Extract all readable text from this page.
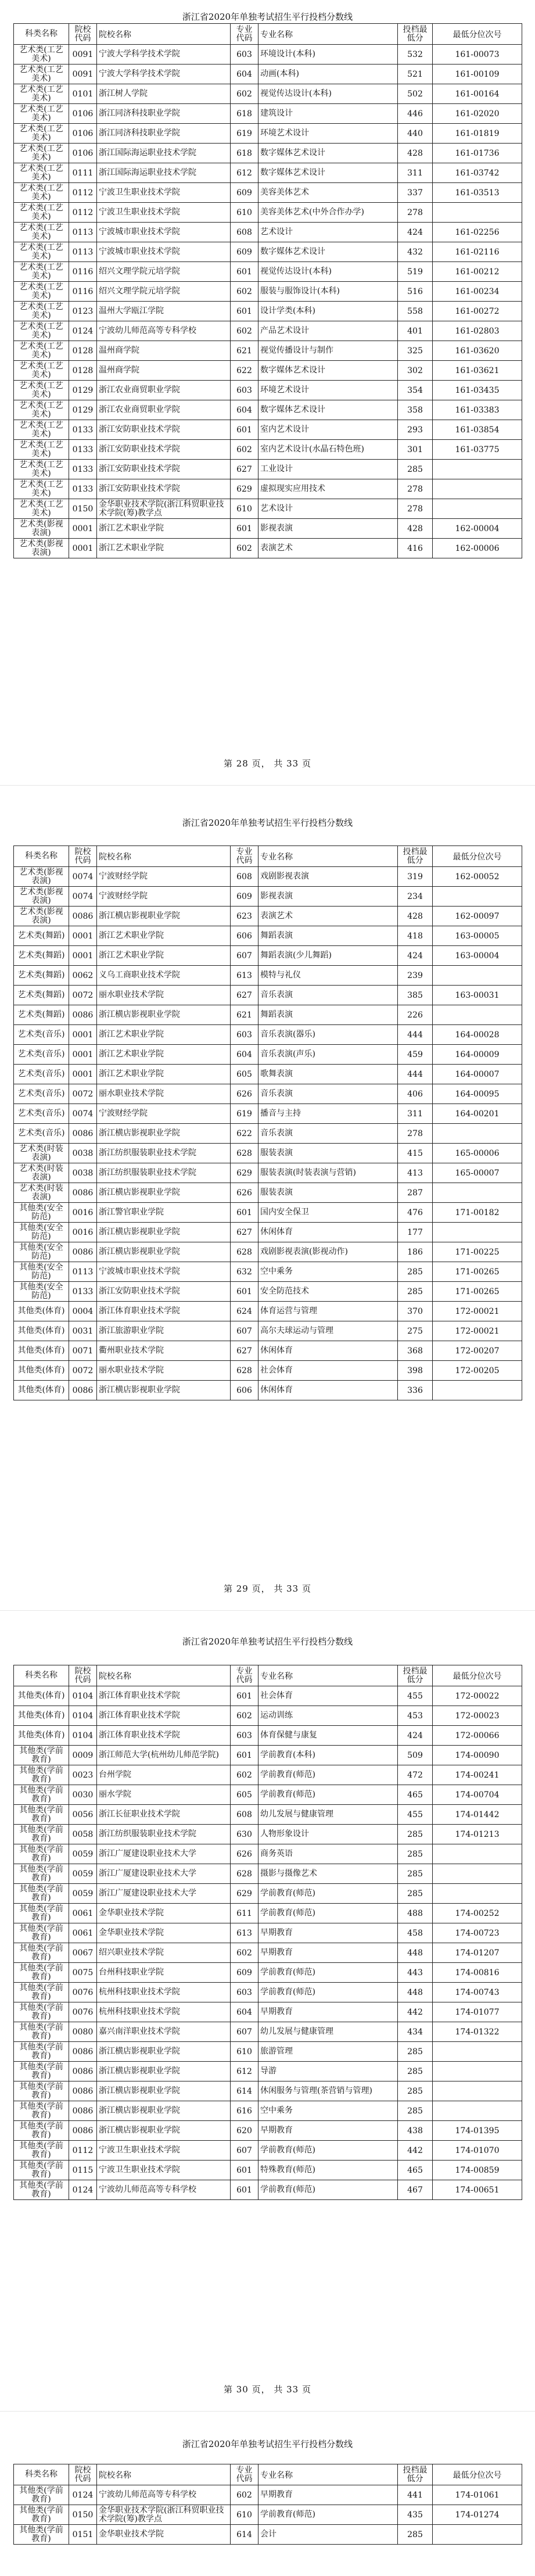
浙江省2020年单独考试招生平行投档分数线
科类名称	院校代码	院校名称	专业代码	专业名称	投档最低分	最低分位次号
艺术类(工艺美术)	0091	宁波大学科学技术学院	603	环境设计(本科)	532	161-00073
艺术类(工艺美术)	0091	宁波大学科学技术学院	604	动画(本科)	521	161-00109
艺术类(工艺美术)	0101	浙江树人学院	602	视觉传达设计(本科)	502	161-00164
艺术类(工艺美术)	0106	浙江同济科技职业学院	618	建筑设计	446	161-02020
艺术类(工艺美术)	0106	浙江同济科技职业学院	619	环境艺术设计	440	161-01819
艺术类(工艺美术)	0106	浙江国际海运职业技术学院	618	数字媒体艺术设计	428	161-01736
艺术类(工艺美术)	0111	浙江国际海运职业技术学院	612	数字媒体艺术设计	311	161-03742
艺术类(工艺美术)	0112	宁波卫生职业技术学院	609	美容美体艺术	337	161-03513
艺术类(工艺美术)	0112	宁波卫生职业技术学院	610	美容美体艺术(中外合作办学)	278	
艺术类(工艺美术)	0113	宁波城市职业技术学院	608	艺术设计	424	161-02256
艺术类(工艺美术)	0113	宁波城市职业技术学院	609	数字媒体艺术设计	432	161-02116
艺术类(工艺美术)	0116	绍兴文理学院元培学院	601	视觉传达设计(本科)	519	161-00212
艺术类(工艺美术)	0116	绍兴文理学院元培学院	602	服装与服饰设计(本科)	516	161-00234
艺术类(工艺美术)	0123	温州大学瓯江学院	601	设计学类(本科)	558	161-00272
艺术类(工艺美术)	0124	宁波幼儿师范高等专科学校	602	产品艺术设计	401	161-02803
艺术类(工艺美术)	0128	温州商学院	621	视觉传播设计与制作	325	161-03620
艺术类(工艺美术)	0128	温州商学院	622	数字媒体艺术设计	302	161-03621
艺术类(工艺美术)	0129	浙江农业商贸职业学院	603	环境艺术设计	354	161-03435
艺术类(工艺美术)	0129	浙江农业商贸职业学院	604	数字媒体艺术设计	358	161-03383
艺术类(工艺美术)	0133	浙江安防职业技术学院	601	室内艺术设计	293	161-03854
艺术类(工艺美术)	0133	浙江安防职业技术学院	602	室内艺术设计(水晶石特色班)	301	161-03775
艺术类(工艺美术)	0133	浙江安防职业技术学院	627	工业设计	285	
艺术类(工艺美术)	0133	浙江安防职业技术学院	629	虚拟现实应用技术	278	
艺术类(工艺美术)	0150	金华职业技术学院(浙江科贸职业技术学院(筹)教学点	610	艺术设计	278	
艺术类(影视表演)	0001	浙江艺术职业学院	601	影视表演	428	162-00004
艺术类(影视表演)	0001	浙江艺术职业学院	602	表演艺术	416	162-00006
第 28 页， 共 33 页
浙江省2020年单独考试招生平行投档分数线
科类名称	院校代码	院校名称	专业代码	专业名称	投档最低分	最低分位次号
艺术类(影视表演)	0074	宁波财经学院	608	戏剧影视表演	319	162-00052
艺术类(影视表演)	0074	宁波财经学院	609	影视表演	234	
艺术类(影视表演)	0086	浙江横店影视职业学院	623	表演艺术	428	162-00097
艺术类(舞蹈)	0001	浙江艺术职业学院	606	舞蹈表演	418	163-00005
艺术类(舞蹈)	0001	浙江艺术职业学院	607	舞蹈表演(少儿舞蹈)	424	163-00004
艺术类(舞蹈)	0062	义乌工商职业技术学院	613	模特与礼仪	239	
艺术类(舞蹈)	0072	丽水职业技术学院	627	音乐表演	385	163-00031
艺术类(舞蹈)	0086	浙江横店影视职业学院	621	舞蹈表演	226	
艺术类(音乐)	0001	浙江艺术职业学院	603	音乐表演(器乐)	444	164-00028
艺术类(音乐)	0001	浙江艺术职业学院	604	音乐表演(声乐)	459	164-00009
艺术类(音乐)	0001	浙江艺术职业学院	605	歌舞表演	444	164-00007
艺术类(音乐)	0072	丽水职业技术学院	626	音乐表演	406	164-00095
艺术类(音乐)	0074	宁波财经学院	619	播音与主持	311	164-00201
艺术类(音乐)	0086	浙江横店影视职业学院	622	音乐表演	278	
艺术类(时装表演)	0038	浙江纺织服装职业技术学院	628	服装表演	415	165-00006
艺术类(时装表演)	0038	浙江纺织服装职业技术学院	629	服装表演(时装表演与营销)	413	165-00007
艺术类(时装表演)	0086	浙江横店影视职业学院	626	服装表演	287	
其他类(安全防范)	0016	浙江警官职业学院	601	国内安全保卫	476	171-00182
其他类(安全防范)	0016	浙江横店影视职业学院	627	休闲体育	177	
其他类(安全防范)	0086	浙江横店影视职业学院	628	戏剧影视表演(影视动作)	186	171-00225
其他类(安全防范)	0113	宁波城市职业技术学院	632	空中乘务	285	171-00265
其他类(安全防范)	0133	浙江安防职业技术学院	601	安全防范技术	285	171-00265
其他类(体育)	0004	浙江体育职业技术学院	624	体育运营与管理	370	172-00021
其他类(体育)	0031	浙江旅游职业学院	607	高尔夫球运动与管理	275	172-00021
其他类(体育)	0071	衢州职业技术学院	627	休闲体育	368	172-00207
其他类(体育)	0072	丽水职业技术学院	628	社会体育	398	172-00205
其他类(体育)	0086	浙江横店影视职业学院	606	休闲体育	336	
第 29 页， 共 33 页
浙江省2020年单独考试招生平行投档分数线
科类名称	院校代码	院校名称	专业代码	专业名称	投档最低分	最低分位次号
其他类(体育)	0104	浙江体育职业技术学院	601	社会体育	455	172-00022
其他类(体育)	0104	浙江体育职业技术学院	602	运动训练	453	172-00023
其他类(体育)	0104	浙江体育职业技术学院	603	体育保健与康复	424	172-00066
其他类(学前教育)	0009	浙江师范大学(杭州幼儿师范学院)	601	学前教育(本科)	509	174-00090
其他类(学前教育)	0023	台州学院	602	学前教育(师范)	472	174-00241
其他类(学前教育)	0030	丽水学院	605	学前教育(师范)	465	174-00704
其他类(学前教育)	0056	浙江长征职业技术学院	608	幼儿发展与健康管理	455	174-01442
其他类(学前教育)	0058	浙江纺织服装职业技术学院	630	人物形象设计	285	174-01213
其他类(学前教育)	0059	浙江广厦建设职业技术大学	626	商务英语	285	
其他类(学前教育)	0059	浙江广厦建设职业技术大学	628	摄影与摄像艺术	285	
其他类(学前教育)	0059	浙江广厦建设职业技术大学	629	学前教育(师范)	285	
其他类(学前教育)	0061	金华职业技术学院	611	学前教育(师范)	488	174-00252
其他类(学前教育)	0061	金华职业技术学院	613	早期教育	458	174-00723
其他类(学前教育)	0067	绍兴职业技术学院	602	早期教育	448	174-01207
其他类(学前教育)	0075	台州科技职业学院	609	学前教育(师范)	443	174-00816
其他类(学前教育)	0076	杭州科技职业技术学院	603	学前教育(师范)	448	174-00743
其他类(学前教育)	0076	杭州科技职业技术学院	604	早期教育	442	174-01077
其他类(学前教育)	0080	嘉兴南洋职业技术学院	607	幼儿发展与健康管理	434	174-01322
其他类(学前教育)	0086	浙江横店影视职业学院	610	旅游管理	285	
其他类(学前教育)	0086	浙江横店影视职业学院	612	导游	285	
其他类(学前教育)	0086	浙江横店影视职业学院	614	休闲服务与管理(茶营销与管理)	285	
其他类(学前教育)	0086	浙江横店影视职业学院	616	空中乘务	285	
其他类(学前教育)	0086	浙江横店影视职业学院	620	早期教育	438	174-01395
其他类(学前教育)	0112	宁波卫生职业技术学院	607	学前教育(师范)	442	174-01070
其他类(学前教育)	0115	宁波卫生职业技术学院	601	特殊教育(师范)	465	174-00859
其他类(学前教育)	0124	宁波幼儿师范高等专科学校	601	学前教育(师范)	467	174-00651
第 30 页， 共 33 页
浙江省2020年单独考试招生平行投档分数线
科类名称	院校代码	院校名称	专业代码	专业名称	投档最低分	最低分位次号
其他类(学前教育)	0124	宁波幼儿师范高等专科学校	602	早期教育	441	174-01061
其他类(学前教育)	0150	金华职业技术学院(浙江科贸职业技术学院(筹)教学点	610	学前教育(师范)	435	174-01274
其他类(学前教育)	0151	金华职业技术学院	614	会计	285	
